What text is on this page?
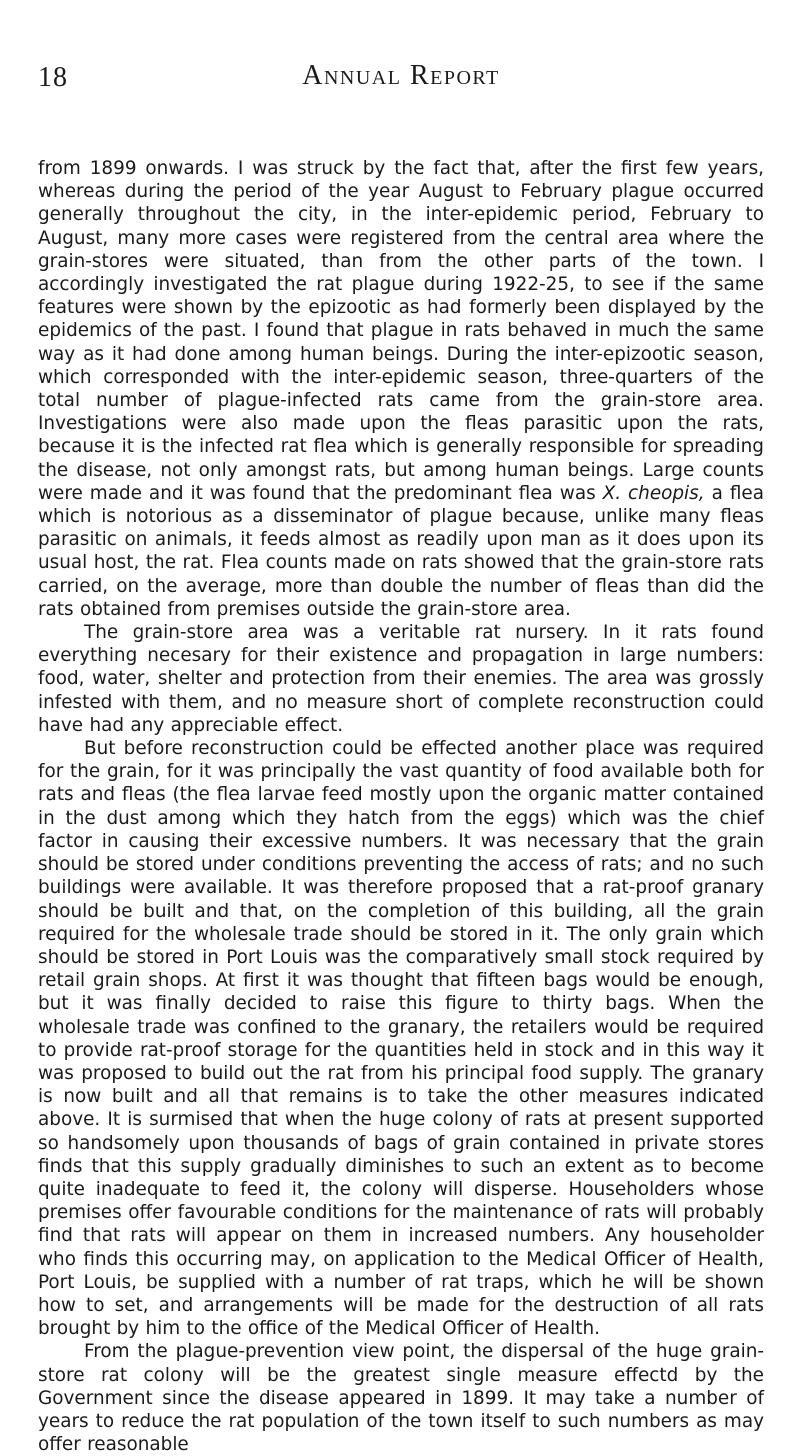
18	Annual Report

from 1899 onwards. I was struck by the fact that, after the first few years, whereas during the period of the year August to February plague occurred generally throughout the city, in the inter-epidemic period, February to August, many more cases were registered from the central area where the grain-stores were situated, than from the other parts of the town. I accordingly investigated the rat plague during 1922-25, to see if the same features were shown by the epizootic as had formerly been displayed by the epidemics of the past. I found that plague in rats behaved in much the same way as it had done among human beings. During the inter-epizootic season, which corresponded with the inter-epidemic season, three-quarters of the total number of plague-infected rats came from the grain-store area. Investigations were also made upon the fleas parasitic upon the rats, because it is the infected rat flea which is generally responsible for spreading the disease, not only amongst rats, but among human beings. Large counts were made and it was found that the predominant flea was X. cheopis, a flea which is notorious as a disseminator of plague because, unlike many fleas parasitic on animals, it feeds almost as readily upon man as it does upon its usual host, the rat. Flea counts made on rats showed that the grain-store rats carried, on the average, more than double the number of fleas than did the rats obtained from premises outside the grain-store area.

The grain-store area was a veritable rat nursery. In it rats found everything necesary for their existence and propagation in large numbers: food, water, shelter and protection from their enemies. The area was grossly infested with them, and no measure short of complete reconstruction could have had any appreciable effect.

But before reconstruction could be effected another place was required for the grain, for it was principally the vast quantity of food available both for rats and fleas (the flea larvae feed mostly upon the organic matter contained in the dust among which they hatch from the eggs) which was the chief factor in causing their excessive numbers. It was necessary that the grain should be stored under conditions preventing the access of rats; and no such buildings were available. It was therefore proposed that a rat-proof granary should be built and that, on the completion of this building, all the grain required for the wholesale trade should be stored in it. The only grain which should be stored in Port Louis was the comparatively small stock required by retail grain shops. At first it was thought that fifteen bags would be enough, but it was finally decided to raise this figure to thirty bags. When the wholesale trade was confined to the granary, the retailers would be required to provide rat-proof storage for the quantities held in stock and in this way it was proposed to build out the rat from his principal food supply. The granary is now built and all that remains is to take the other measures indicated above. It is surmised that when the huge colony of rats at present supported so handsomely upon thousands of bags of grain contained in private stores finds that this supply gradually diminishes to such an extent as to become quite inadequate to feed it, the colony will disperse. Householders whose premises offer favourable conditions for the maintenance of rats will probably find that rats will appear on them in increased numbers. Any householder who finds this occurring may, on application to the Medical Officer of Health, Port Louis, be supplied with a number of rat traps, which he will be shown how to set, and arrangements will be made for the destruction of all rats brought by him to the office of the Medical Officer of Health.

From the plague-prevention view point, the dispersal of the huge grain-store rat colony will be the greatest single measure effectd by the Government since the disease appeared in 1899. It may take a number of years to reduce the rat population of the town itself to such numbers as may offer reasonable
